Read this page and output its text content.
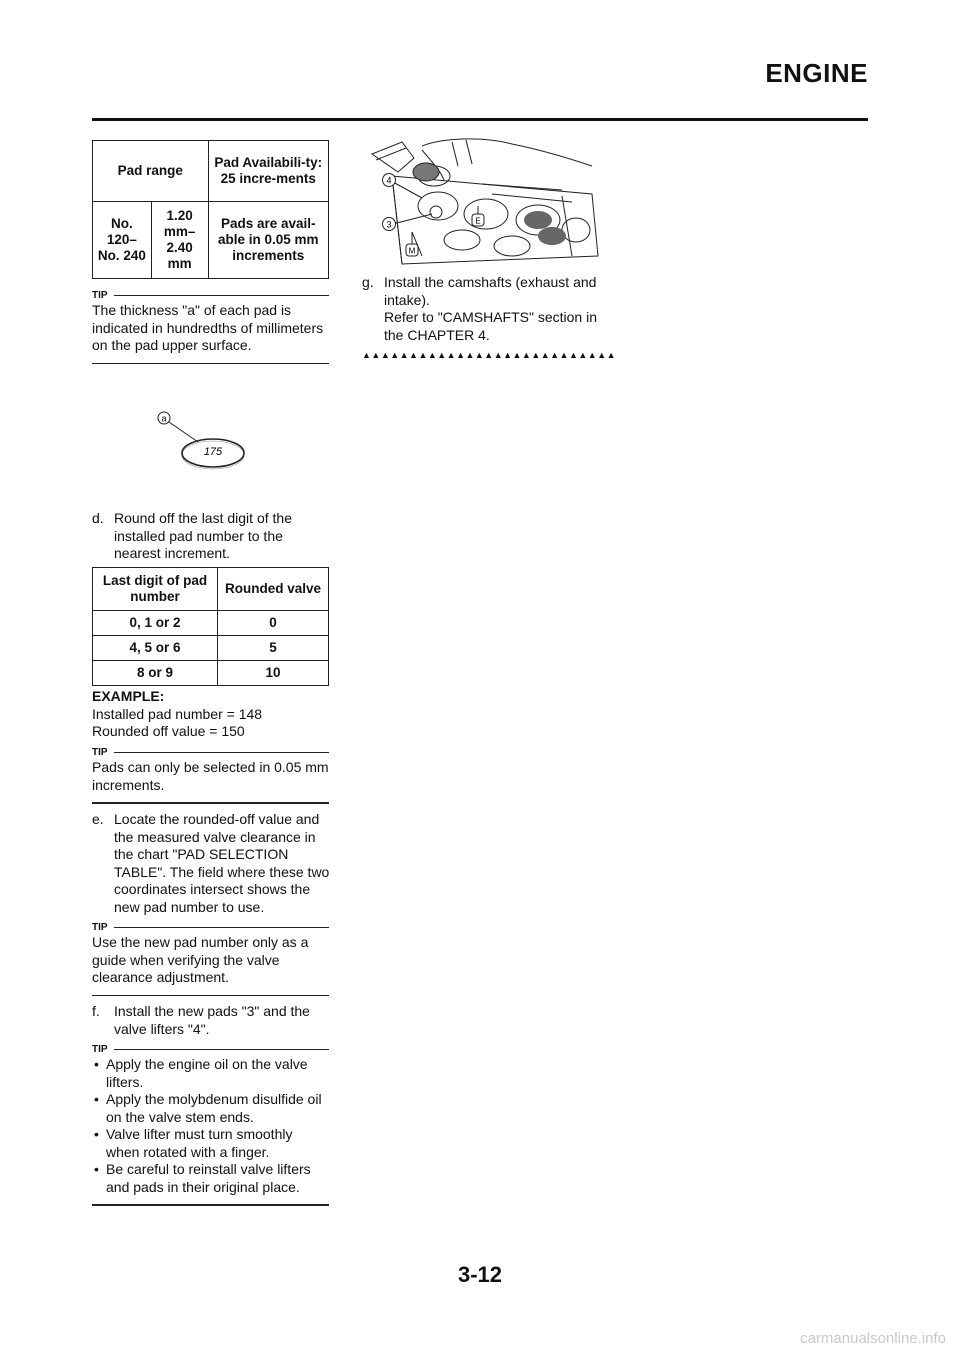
ENGINE
Pad range		Pad Availabili-ty: 25 incre-ments
No. 120–No. 240	1.20 mm–2.40 mm	Pads are avail-able in 0.05 mm increments
TIP
The thickness "a" of each pad is indicated in hundredths of millimeters on the pad upper surface.
a
175
d. Round off the last digit of the installed pad number to the nearest increment.
Last digit of pad number	Rounded valve
0, 1 or 2	0
4, 5 or 6	5
8 or 9	10
EXAMPLE:
Installed pad number = 148
Rounded off value = 150
TIP
Pads can only be selected in 0.05 mm increments.
e. Locate the rounded-off value and the measured valve clearance in the chart "PAD SELECTION TABLE". The field where these two coordinates intersect shows the new pad number to use.
TIP
Use the new pad number only as a guide when verifying the valve clearance adjustment.
f.	Install the new pads "3" and the valve lifters "4".
TIP
• Apply the engine oil on the valve lifters.
• Apply the molybdenum disulfide oil on the valve stem ends.
• Valve lifter must turn smoothly when rotated with a finger.
• Be careful to reinstall valve lifters and pads in their original place.
4
3	E
M
g. Install the camshafts (exhaust and intake).
Refer to "CAMSHAFTS" section in the CHAPTER 4.
▲▲▲▲▲▲▲▲▲▲▲▲▲▲▲▲▲▲▲▲▲▲▲▲▲▲▲
3-12
carmanualsonline.info
